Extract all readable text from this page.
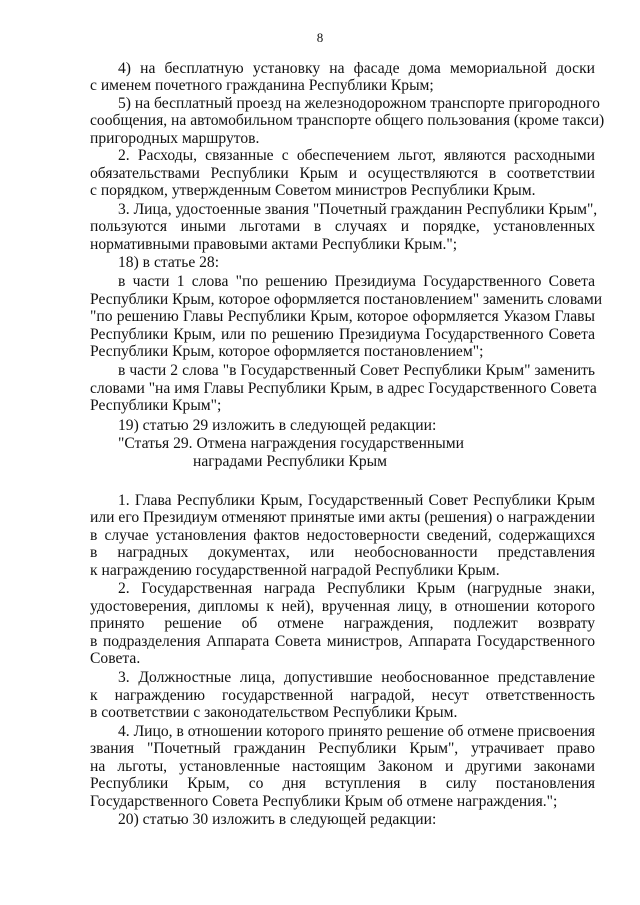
8
4) на бесплатную установку на фасаде дома мемориальной доски
с именем почетного гражданина Республики Крым;
5) на бесплатный проезд на железнодорожном транспорте пригородного
сообщения, на автомобильном транспорте общего пользования (кроме такси)
пригородных маршрутов.
2. Расходы, связанные с обеспечением льгот, являются расходными
обязательствами Республики Крым и осуществляются в соответствии
с порядком, утвержденным Советом министров Республики Крым.
3. Лица, удостоенные звания "Почетный гражданин Республики Крым",
пользуются иными льготами в случаях и порядке, установленных
нормативными правовыми актами Республики Крым.";
18) в статье 28:
в части 1 слова "по решению Президиума Государственного Совета
Республики Крым, которое оформляется постановлением" заменить словами
"по решению Главы Республики Крым, которое оформляется Указом Главы
Республики Крым, или по решению Президиума Государственного Совета
Республики Крым, которое оформляется постановлением";
в части 2 слова "в Государственный Совет Республики Крым" заменить
словами "на имя Главы Республики Крым, в адрес Государственного Совета
Республики Крым";
19) статью 29 изложить в следующей редакции:
"Статья 29. Отмена награждения государственными
наградами Республики Крым
1. Глава Республики Крым, Государственный Совет Республики Крым
или его Президиум отменяют принятые ими акты (решения) о награждении
в случае установления фактов недостоверности сведений, содержащихся
в наградных документах, или необоснованности представления
к награждению государственной наградой Республики Крым.
2. Государственная награда Республики Крым (нагрудные знаки,
удостоверения, дипломы к ней), врученная лицу, в отношении которого
принято решение об отмене награждения, подлежит возврату
в подразделения Аппарата Совета министров, Аппарата Государственного
Совета.
3. Должностные лица, допустившие необоснованное представление
к награждению государственной наградой, несут ответственность
в соответствии с законодательством Республики Крым.
4. Лицо, в отношении которого принято решение об отмене присвоения
звания "Почетный гражданин Республики Крым", утрачивает право
на льготы, установленные настоящим Законом и другими законами
Республики Крым, со дня вступления в силу постановления
Государственного Совета Республики Крым об отмене награждения.";
20) статью 30 изложить в следующей редакции:
